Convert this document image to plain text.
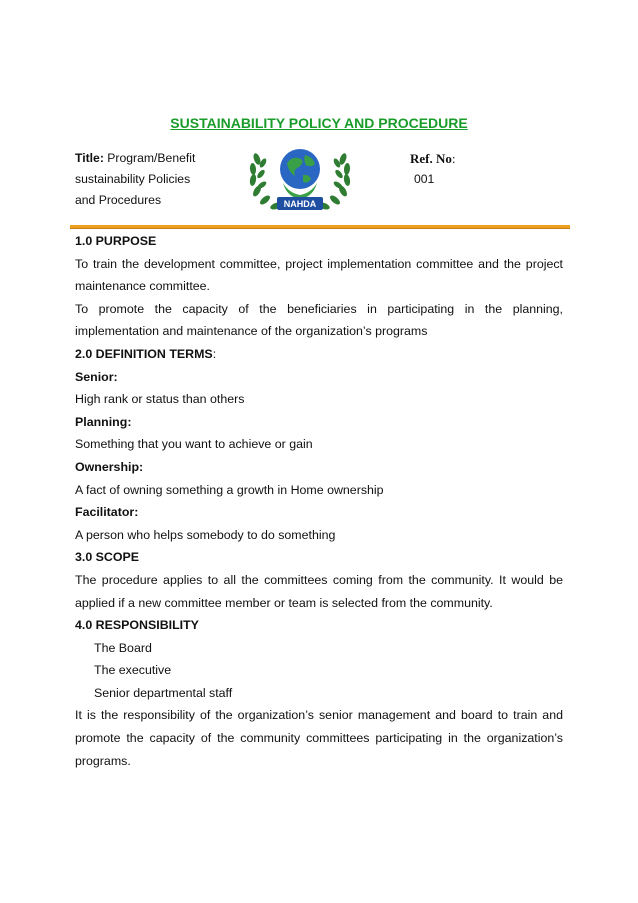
SUSTAINABILITY POLICY AND PROCEDURE
Title: Program/Benefit
sustainability Policies
and Procedures	NAHDA
Ref. No:
001

1.0 PURPOSE

To train the development committee, project implementation committee and the project maintenance committee.

To promote the capacity of the beneficiaries in participating in the planning, implementation and maintenance of the organization’s programs

2.0 DEFINITION TERMS:

Senior:

High rank or status than others

Planning:

Something that you want to achieve or gain

Ownership:

A fact of owning something a growth in Home ownership

Facilitator:

A person who helps somebody to do something

3.0 SCOPE

The procedure applies to all the committees coming from the community. It would be applied if a new committee member or team is selected from the community.

4.0 RESPONSIBILITY

The Board

The executive

Senior departmental staff

It is the responsibility of the organization’s senior management and board to train and promote the capacity of the community committees participating in the organization’s programs.
